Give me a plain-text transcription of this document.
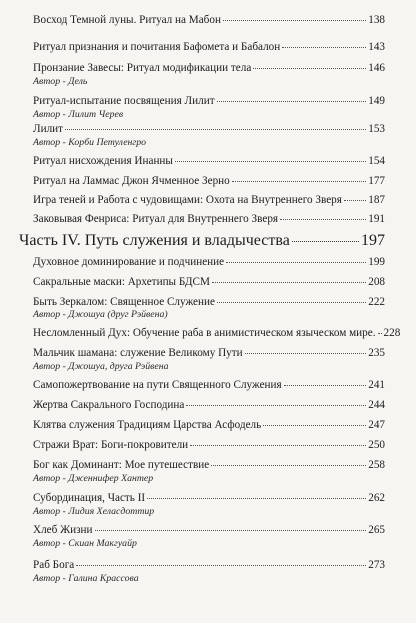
Восход Темной луны. Ритуал на Мабон	138
Ритуал признания и почитания Бафомета и Бабалон	143
Пронзание Завесы: Ритуал модификации тела	146
Автор - Дель
Ритуал-испытание посвящения Лилит	149
Автор - Лилит Черев
Лилит	153
Автор - Корби Петуленгро
Ритуал нисхождения Инанны	154
Ритуал на Ламмас Джон Ячменное Зерно	177
Игра теней и Работа с чудовищами: Охота на Внутреннего Зверя 187
Заковывая Фенриса: Ритуал для Внутреннего Зверя	191
Часть IV. Путь служения и владычества	197
Духовное доминирование и подчинение	199
Сакральные маски: Архетипы БДСМ	208
Быть Зеркалом: Священное Служение	222
Автор - Джошуа (друг Рэйвена)
Несломленный Дух: Обучение раба в анимистическом языческом мире. 228
Мальчик шамана: служение Великому Пути	235
Автор - Джошуа, друга Рэйвена
Самопожертвование на пути Священного Служения	241
Жертва Сакрального Господина	244
Клятва служения Традициям Царства Асфодель	247
Стражи Врат: Боги-покровители	250
Бог как Доминант: Мое путешествие	258
Автор - Дженнифер Хантер
Субординация, Часть II	262
Автор - Лидия Хеласдоттир
Хлеб Жизни	265
Автор - Скиан Макгуайр
Раб Бога	273
Автор - Галина Крассова
